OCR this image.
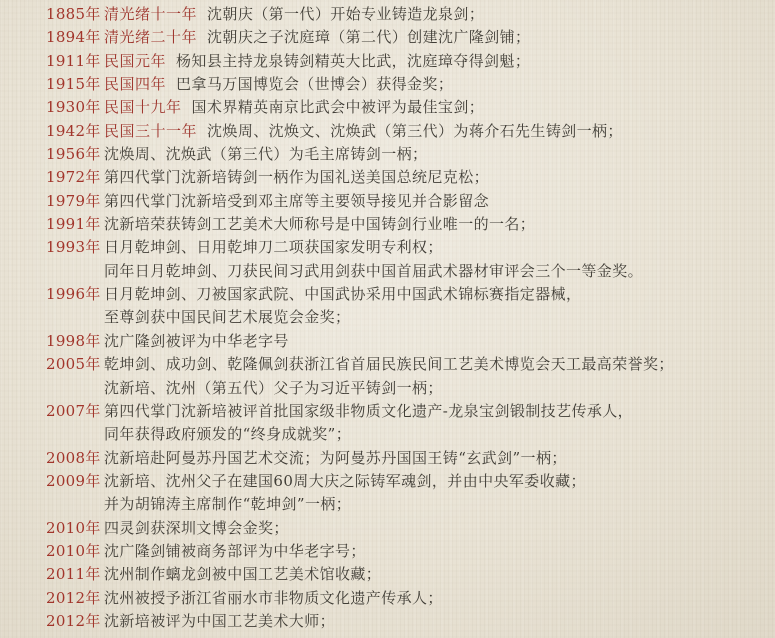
1885年 清光绪十一年 沈朝庆（第一代）开始专业铸造龙泉剑；
1894年 清光绪二十年 沈朝庆之子沈庭璋（第二代）创建沈广隆剑铺；
1911年 民国元年 杨知县主持龙泉铸剑精英大比武，沈庭璋夺得剑魁；
1915年 民国四年 巴拿马万国博览会（世博会）获得金奖；
1930年 民国十九年 国术界精英南京比武会中被评为最佳宝剑；
1942年 民国三十一年 沈焕周、沈焕文、沈焕武（第三代）为蒋介石先生铸剑一柄；
1956年 沈焕周、沈焕武（第三代）为毛主席铸剑一柄；
1972年 第四代掌门沈新培铸剑一柄作为国礼送美国总统尼克松；
1979年 第四代掌门沈新培受到邓主席等主要领导接见并合影留念
1991年 沈新培荣获铸剑工艺美术大师称号是中国铸剑行业唯一的一名；
1993年 日月乾坤剑、日用乾坤刀二项获国家发明专利权；
同年日月乾坤剑、刀获民间习武用剑获中国首届武术器材审评会三个一等金奖。
1996年 日月乾坤剑、刀被国家武院、中国武协采用中国武术锦标赛指定器械，
至尊剑获中国民间艺术展览会金奖；
1998年 沈广隆剑被评为中华老字号
2005年 乾坤剑、成功剑、乾隆佩剑获浙江省首届民族民间工艺美术博览会天工最高荣誉奖；
沈新培、沈州（第五代）父子为习近平铸剑一柄；
2007年 第四代掌门沈新培被评首批国家级非物质文化遗产-龙泉宝剑锻制技艺传承人，
同年获得政府颁发的“终身成就奖”；
2008年 沈新培赴阿曼苏丹国艺术交流；为阿曼苏丹国国王铸“玄武剑”一柄；
2009年 沈新培、沈州父子在建国60周大庆之际铸军魂剑，并由中央军委收藏；
并为胡锦涛主席制作“乾坤剑”一柄；
2010年 四灵剑获深圳文博会金奖；
2010年 沈广隆剑铺被商务部评为中华老字号；
2011年 沈州制作螭龙剑被中国工艺美术馆收藏；
2012年 沈州被授予浙江省丽水市非物质文化遗产传承人；
2012年 沈新培被评为中国工艺美术大师；
